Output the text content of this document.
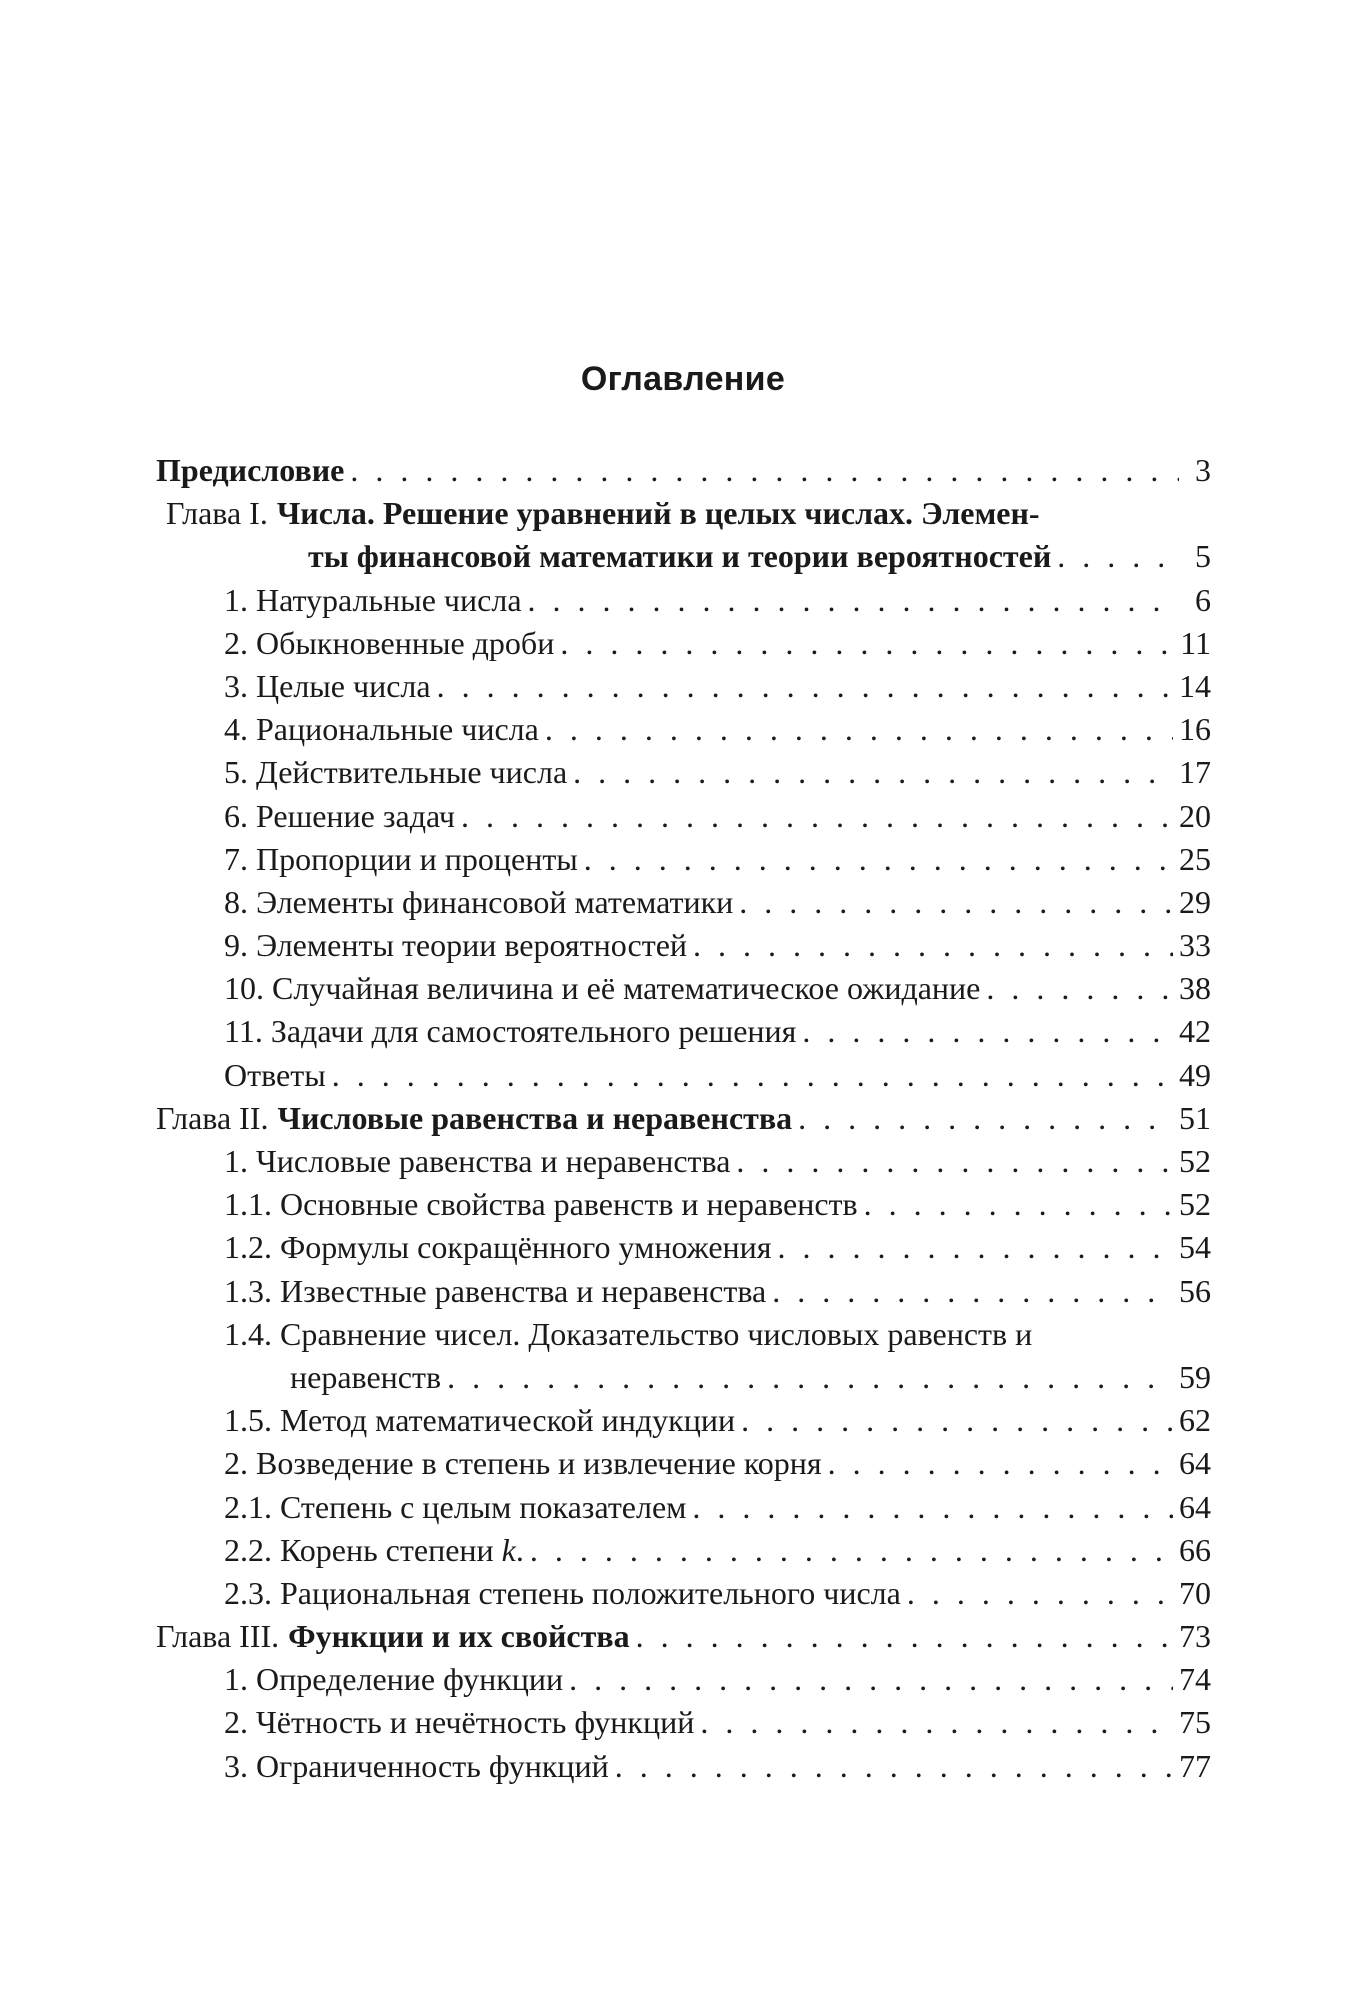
Оглавление
Предисловие . . .	3
Глава I. Числа. Решение уравнений в целых числах. Элемен-
ты финансовой математики и теории вероятностей . . .	5
1. Натуральные числа . . .	6
2. Обыкновенные дроби . . .	11
3. Целые числа . . .	14
4. Рациональные числа . . .	16
5. Действительные числа . . .	17
6. Решение задач . . .	20
7. Пропорции и проценты . . .	25
8. Элементы финансовой математики . . .	29
9. Элементы теории вероятностей . . .	33
10. Случайная величина и её математическое ожидание . . .	38
11. Задачи для самостоятельного решения . . .	42
Ответы . . .	49
Глава II. Числовые равенства и неравенства . . .	51
1. Числовые равенства и неравенства . . .	52
1.1. Основные свойства равенств и неравенств . . .	52
1.2. Формулы сокращённого умножения . . .	54
1.3. Известные равенства и неравенства . . .	56
1.4. Сравнение чисел. Доказательство числовых равенств и
неравенств . . .	59
1.5. Метод математической индукции . . .	62
2. Возведение в степень и извлечение корня . . .	64
2.1. Степень с целым показателем . . .	64
2.2. Корень степени k. . . .	66
2.3. Рациональная степень положительного числа . . .	70
Глава III. Функции и их свойства . . .	73
1. Определение функции . . .	74
2. Чётность и нечётность функций . . .	75
3. Ограниченность функций . . .	77
